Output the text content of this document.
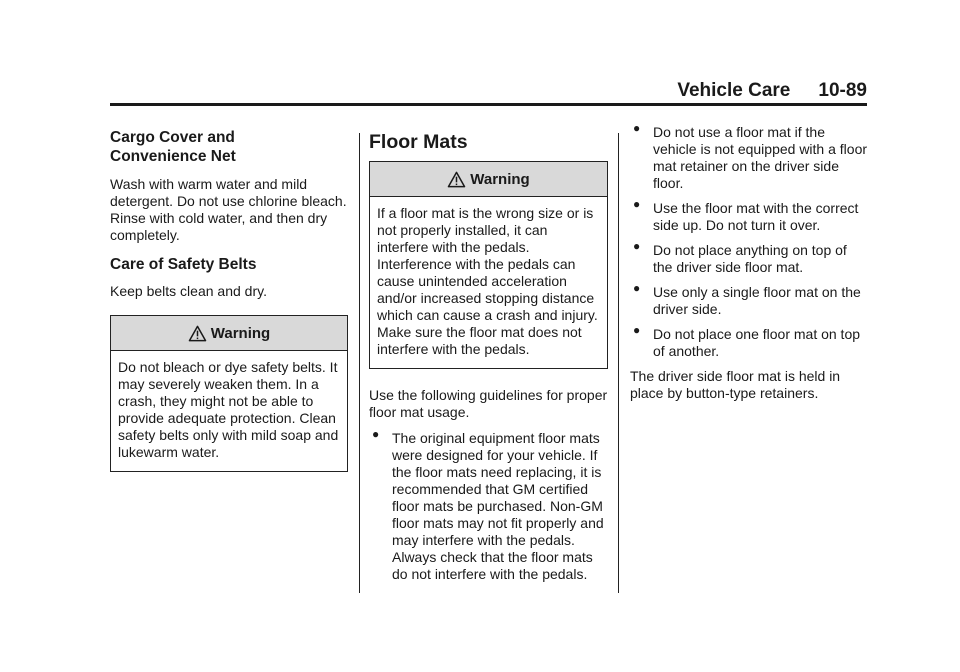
Vehicle Care 10-89
Cargo Cover and
Convenience Net

Wash with warm water and mild detergent. Do not use chlorine bleach. Rinse with cold water, and then dry completely.

Care of Safety Belts

Keep belts clean and dry.

Warning
Do not bleach or dye safety belts. It may severely weaken them. In a crash, they might not be able to provide adequate protection. Clean safety belts only with mild soap and lukewarm water.
Floor Mats
Warning
If a floor mat is the wrong size or is not properly installed, it can interfere with the pedals. Interference with the pedals can cause unintended acceleration and/or increased stopping distance which can cause a crash and injury. Make sure the floor mat does not interfere with the pedals.

Use the following guidelines for proper floor mat usage.

● The original equipment floor mats were designed for your vehicle. If the floor mats need replacing, it is recommended that GM certified floor mats be purchased. Non-GM floor mats may not fit properly and may interfere with the pedals. Always check that the floor mats do not interfere with the pedals.
● Do not use a floor mat if the vehicle is not equipped with a floor mat retainer on the driver side floor.
● Use the floor mat with the correct side up. Do not turn it over.
● Do not place anything on top of the driver side floor mat.
● Use only a single floor mat on the driver side.
● Do not place one floor mat on top of another.

The driver side floor mat is held in place by button-type retainers.
